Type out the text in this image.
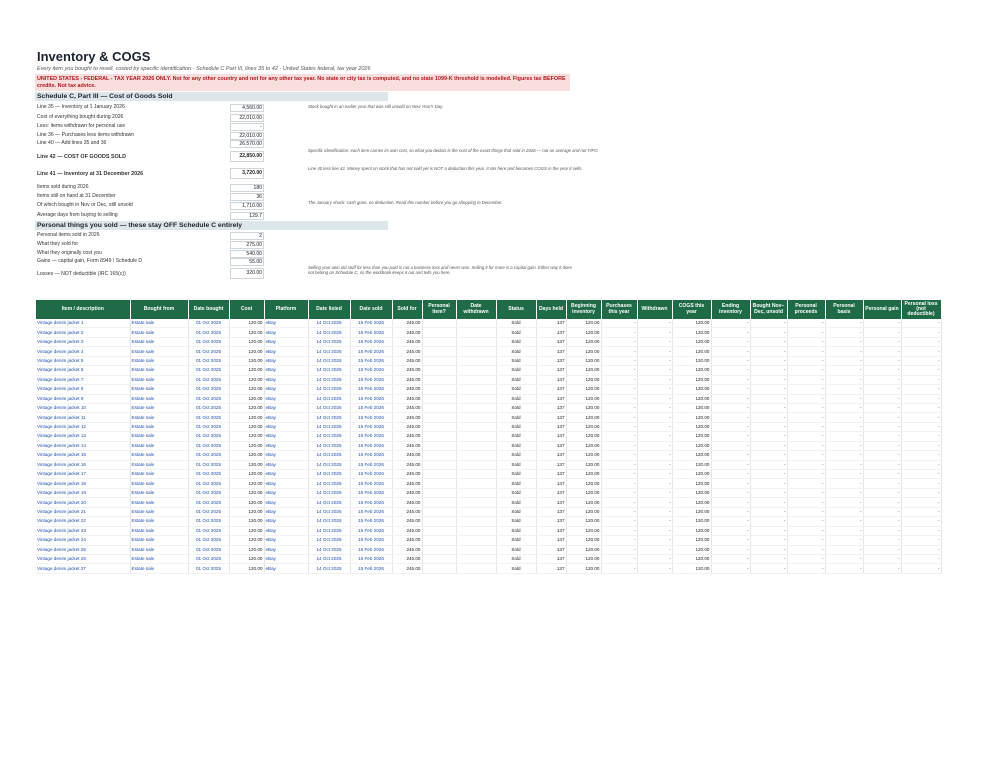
Inventory & COGS
Every item you bought to resell, costed by specific identification · Schedule C Part III, lines 35 to 42 · United States federal, tax year 2026
UNITED STATES - FEDERAL - TAX YEAR 2026 ONLY. Not for any other country and not for any other tax year. No state or city tax is computed, and no state 1099-K threshold is modelled. Figures tax BEFORE credits. Not tax advice.
Schedule C, Part III — Cost of Goods Sold
Line 35 — Inventory at 1 January 2026	4,560.00
Cost of everything bought during 2026	22,010.00
Less: items withdrawn for personal use	-
Line 36 — Purchases less items withdrawn	22,010.00
Line 40 — Add lines 35 and 36	26,570.00
Line 42 — COST OF GOODS SOLD	22,850.00
Line 41 — Inventory at 31 December 2026	3,720.00
Items sold during 2026	180
Items still on hand at 31 December	36
Of which bought in Nov or Dec, still unsold	1,710.00
Average days from buying to selling	129.7
Stock bought in an earlier year that was still unsold on New Year's Day.
Specific identification: each item carries its own cost, so what you deduct is the cost of the exact things that sold in 2026 — not an average and not FIFO.
Line 40 less line 42. Money spent on stock that has not sold yet is NOT a deduction this year. It sits here and becomes COGS in the year it sells.
The January shock: cash gone, no deduction. Read this number before you go shopping in December.
Personal things you sold — these stay OFF Schedule C entirely
Personal items sold in 2026	2
What they sold for	275.00
What they originally cost you	540.00
Gains — capital gain, Form 8949 / Schedule D	55.00
Losses — NOT deductible (IRC 165(c))	320.00
Selling your own old stuff for less than you paid is not a business loss and never was. Selling it for more is a capital gain. Either way it does not belong on Schedule C, so the workbook keeps it out and tells you here.
Item / description	Bought from	Date bought	Cost	Platform	Date listed	Date sold	Sold for	Personal item?	Date withdrawn	Status	Days held	Beginning inventory	Purchases this year	Withdrawn	COGS this year	Ending inventory	Bought Nov–Dec, unsold	Personal proceeds	Personal basis	Personal gain	Personal loss (not deductible)
Vintage denim jacket 1	Estate sale	01 Oct 2025	120.00	eBay	14 Oct 2025	15 Feb 2026	245.00			Sold	137	120.00	-	-	120.00	-	-	-	-	-	-
Vintage denim jacket 2	Estate sale	01 Oct 2025	120.00	eBay	14 Oct 2025	15 Feb 2026	245.00			Sold	137	120.00	-	-	120.00	-	-	-	-	-	-
Vintage denim jacket 3	Estate sale	01 Oct 2025	120.00	eBay	14 Oct 2025	15 Feb 2026	245.00			Sold	137	120.00	-	-	120.00	-	-	-	-	-	-
Vintage denim jacket 4	Estate sale	01 Oct 2025	120.00	eBay	14 Oct 2025	15 Feb 2026	245.00			Sold	137	120.00	-	-	120.00	-	-	-	-	-	-
Vintage denim jacket 5	Estate sale	01 Oct 2025	120.00	eBay	14 Oct 2025	15 Feb 2026	245.00			Sold	137	120.00	-	-	120.00	-	-	-	-	-	-
Vintage denim jacket 6	Estate sale	01 Oct 2025	120.00	eBay	14 Oct 2025	15 Feb 2026	245.00			Sold	137	120.00	-	-	120.00	-	-	-	-	-	-
Vintage denim jacket 7	Estate sale	01 Oct 2025	120.00	eBay	14 Oct 2025	15 Feb 2026	245.00			Sold	137	120.00	-	-	120.00	-	-	-	-	-	-
Vintage denim jacket 8	Estate sale	01 Oct 2025	120.00	eBay	14 Oct 2025	15 Feb 2026	245.00			Sold	137	120.00	-	-	120.00	-	-	-	-	-	-
Vintage denim jacket 9	Estate sale	01 Oct 2025	120.00	eBay	14 Oct 2025	15 Feb 2026	245.00			Sold	137	120.00	-	-	120.00	-	-	-	-	-	-
Vintage denim jacket 10	Estate sale	01 Oct 2025	120.00	eBay	14 Oct 2025	15 Feb 2026	245.00			Sold	137	120.00	-	-	120.00	-	-	-	-	-	-
Vintage denim jacket 11	Estate sale	01 Oct 2025	120.00	eBay	14 Oct 2025	15 Feb 2026	245.00			Sold	137	120.00	-	-	120.00	-	-	-	-	-	-
Vintage denim jacket 12	Estate sale	01 Oct 2025	120.00	eBay	14 Oct 2025	15 Feb 2026	245.00			Sold	137	120.00	-	-	120.00	-	-	-	-	-	-
Vintage denim jacket 13	Estate sale	01 Oct 2025	120.00	eBay	14 Oct 2025	15 Feb 2026	245.00			Sold	137	120.00	-	-	120.00	-	-	-	-	-	-
Vintage denim jacket 14	Estate sale	01 Oct 2025	120.00	eBay	14 Oct 2025	15 Feb 2026	245.00			Sold	137	120.00	-	-	120.00	-	-	-	-	-	-
Vintage denim jacket 15	Estate sale	01 Oct 2025	120.00	eBay	14 Oct 2025	15 Feb 2026	245.00			Sold	137	120.00	-	-	120.00	-	-	-	-	-	-
Vintage denim jacket 16	Estate sale	01 Oct 2025	120.00	eBay	14 Oct 2025	15 Feb 2026	245.00			Sold	137	120.00	-	-	120.00	-	-	-	-	-	-
Vintage denim jacket 17	Estate sale	01 Oct 2025	120.00	eBay	14 Oct 2025	15 Feb 2026	245.00			Sold	137	120.00	-	-	120.00	-	-	-	-	-	-
Vintage denim jacket 18	Estate sale	01 Oct 2025	120.00	eBay	14 Oct 2025	15 Feb 2026	245.00			Sold	137	120.00	-	-	120.00	-	-	-	-	-	-
Vintage denim jacket 19	Estate sale	01 Oct 2025	120.00	eBay	14 Oct 2025	15 Feb 2026	245.00			Sold	137	120.00	-	-	120.00	-	-	-	-	-	-
Vintage denim jacket 20	Estate sale	01 Oct 2025	120.00	eBay	14 Oct 2025	15 Feb 2026	245.00			Sold	137	120.00	-	-	120.00	-	-	-	-	-	-
Vintage denim jacket 21	Estate sale	01 Oct 2025	120.00	eBay	14 Oct 2025	15 Feb 2026	245.00			Sold	137	120.00	-	-	120.00	-	-	-	-	-	-
Vintage denim jacket 22	Estate sale	01 Oct 2025	120.00	eBay	14 Oct 2025	15 Feb 2026	245.00			Sold	137	120.00	-	-	120.00	-	-	-	-	-	-
Vintage denim jacket 23	Estate sale	01 Oct 2025	120.00	eBay	14 Oct 2025	15 Feb 2026	245.00			Sold	137	120.00	-	-	120.00	-	-	-	-	-	-
Vintage denim jacket 24	Estate sale	01 Oct 2025	120.00	eBay	14 Oct 2025	15 Feb 2026	245.00			Sold	137	120.00	-	-	120.00	-	-	-	-	-	-
Vintage denim jacket 25	Estate sale	01 Oct 2025	120.00	eBay	14 Oct 2025	15 Feb 2026	245.00			Sold	137	120.00	-	-	120.00	-	-	-	-	-	-
Vintage denim jacket 26	Estate sale	01 Oct 2025	120.00	eBay	14 Oct 2025	15 Feb 2026	245.00			Sold	137	120.00	-	-	120.00	-	-	-	-	-	-
Vintage denim jacket 27	Estate sale	01 Oct 2025	120.00	eBay	14 Oct 2025	15 Feb 2026	245.00			Sold	137	120.00	-	-	120.00	-	-	-	-	-	-
